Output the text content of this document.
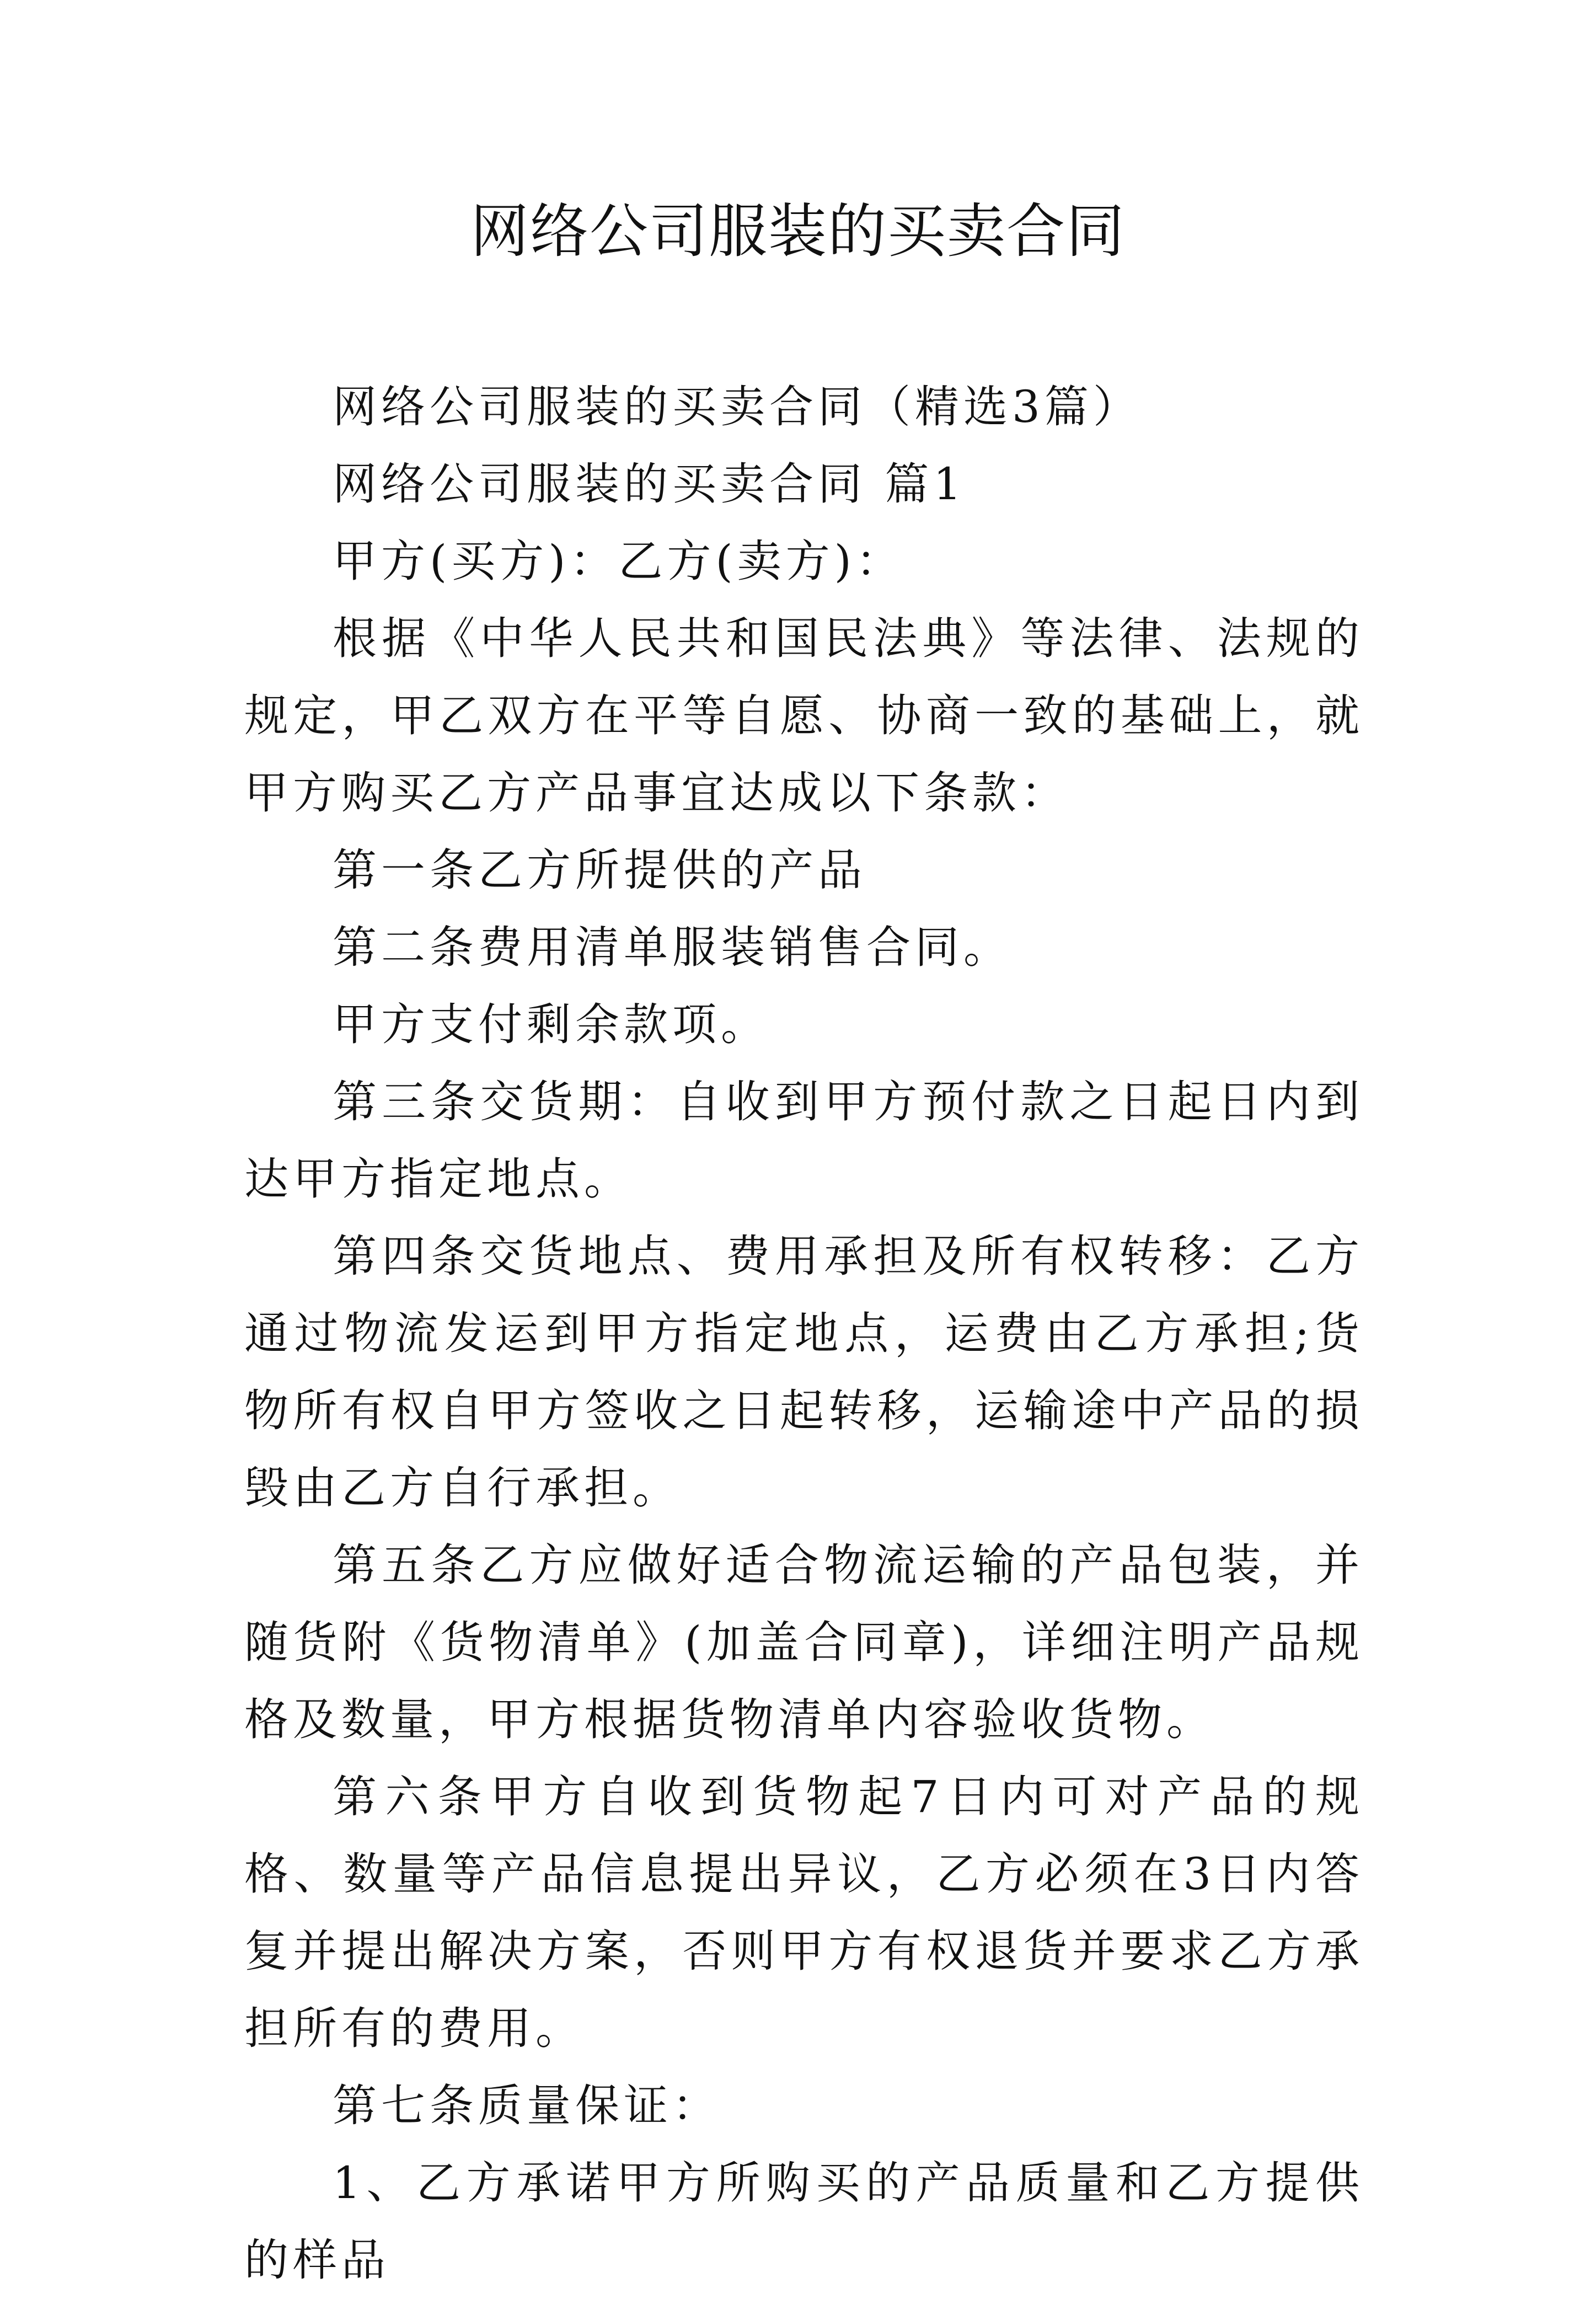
网络公司服装的买卖合同

网络公司服装的买卖合同（精选3篇）

网络公司服装的买卖合同 篇1

甲方(买方)：乙方(卖方)：

根据《中华人民共和国民法典》等法律、法规的规定，甲乙双方在平等自愿、协商一致的基础上，就甲方购买乙方产品事宜达成以下条款：

第一条乙方所提供的产品

第二条费用清单服装销售合同。

甲方支付剩余款项。

第三条交货期：自收到甲方预付款之日起日内到达甲方指定地点。

第四条交货地点、费用承担及所有权转移：乙方通过物流发运到甲方指定地点，运费由乙方承担;货物所有权自甲方签收之日起转移，运输途中产品的损毁由乙方自行承担。

第五条乙方应做好适合物流运输的产品包装，并随货附《货物清单》(加盖合同章)，详细注明产品规格及数量，甲方根据货物清单内容验收货物。

第六条甲方自收到货物起7日内可对产品的规格、数量等产品信息提出异议，乙方必须在3日内答复并提出解决方案，否则甲方有权退货并要求乙方承担所有的费用。

第七条质量保证：

1、乙方承诺甲方所购买的产品质量和乙方提供的样品
